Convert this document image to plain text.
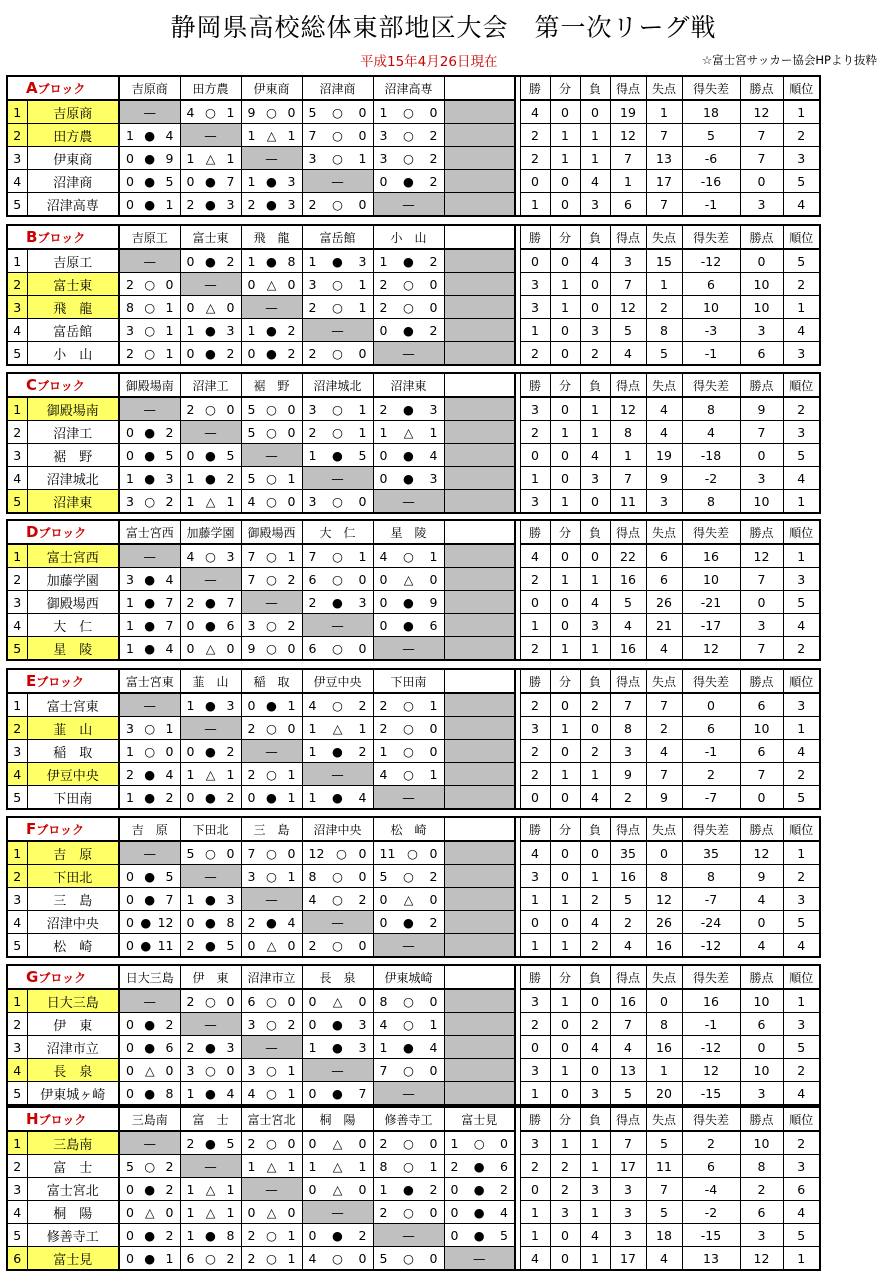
静岡県高校総体東部地区大会　第一次リーグ戦
平成15年4月26日現在	☆富士宮サッカー協会HPより抜粋
Aブロック		吉原商	田方農	伊東商	沼津商	沼津高専			勝	分	負	得点	失点	得失差	勝点	順位
1	吉原商	—	4 ○ 1	9 ○ 0	5 ○ 0	1 ○ 0			4	0	0	19	1	18	12	1
2	田方農	1 ● 4	—	1 △ 1	7 ○ 0	3 ○ 2			2	1	1	12	7	5	7	2
3	伊東商	0 ● 9	1 △ 1	—	3 ○ 1	3 ○ 2			2	1	1	7	13	-6	7	3
4	沼津商	0 ● 5	0 ● 7	1 ● 3	—	0 ● 2			0	0	4	1	17	-16	0	5
5	沼津高専	0 ● 1	2 ● 3	2 ● 3	2 ○ 0	—			1	0	3	6	7	-1	3	4
Bブロック		吉原工	富士東	飛　龍	富岳館	小　山			勝	分	負	得点	失点	得失差	勝点	順位
1	吉原工	—	0 ● 2	1 ● 8	1 ● 3	1 ● 2			0	0	4	3	15	-12	0	5
2	富士東	2 ○ 0	—	0 △ 0	3 ○ 1	2 ○ 0			3	1	0	7	1	6	10	2
3	飛　龍	8 ○ 1	0 △ 0	—	2 ○ 1	2 ○ 0			3	1	0	12	2	10	10	1
4	富岳館	3 ○ 1	1 ● 3	1 ● 2	—	0 ● 2			1	0	3	5	8	-3	3	4
5	小　山	2 ○ 1	0 ● 2	0 ● 2	2 ○ 0	—			2	0	2	4	5	-1	6	3
Cブロック		御殿場南	沼津工	裾　野	沼津城北	沼津東			勝	分	負	得点	失点	得失差	勝点	順位
1	御殿場南	—	2 ○ 0	5 ○ 0	3 ○ 1	2 ● 3			3	0	1	12	4	8	9	2
2	沼津工	0 ● 2	—	5 ○ 0	2 ○ 1	1 △ 1			2	1	1	8	4	4	7	3
3	裾　野	0 ● 5	0 ● 5	—	1 ● 5	0 ● 4			0	0	4	1	19	-18	0	5
4	沼津城北	1 ● 3	1 ● 2	5 ○ 1	—	0 ● 3			1	0	3	7	9	-2	3	4
5	沼津東	3 ○ 2	1 △ 1	4 ○ 0	3 ○ 0	—			3	1	0	11	3	8	10	1
Dブロック		富士宮西	加藤学園	御殿場西	大　仁	星　陵			勝	分	負	得点	失点	得失差	勝点	順位
1	富士宮西	—	4 ○ 3	7 ○ 1	7 ○ 1	4 ○ 1			4	0	0	22	6	16	12	1
2	加藤学園	3 ● 4	—	7 ○ 2	6 ○ 0	0 △ 0			2	1	1	16	6	10	7	3
3	御殿場西	1 ● 7	2 ● 7	—	2 ● 3	0 ● 9			0	0	4	5	26	-21	0	5
4	大　仁	1 ● 7	0 ● 6	3 ○ 2	—	0 ● 6			1	0	3	4	21	-17	3	4
5	星　陵	1 ● 4	0 △ 0	9 ○ 0	6 ○ 0	—			2	1	1	16	4	12	7	2
Eブロック		富士宮東	韮　山	稲　取	伊豆中央	下田南			勝	分	負	得点	失点	得失差	勝点	順位
1	富士宮東	—	1 ● 3	0 ● 1	4 ○ 2	2 ○ 1			2	0	2	7	7	0	6	3
2	韮　山	3 ○ 1	—	2 ○ 0	1 △ 1	2 ○ 0			3	1	0	8	2	6	10	1
3	稲　取	1 ○ 0	0 ● 2	—	1 ● 2	1 ○ 0			2	0	2	3	4	-1	6	4
4	伊豆中央	2 ● 4	1 △ 1	2 ○ 1	—	4 ○ 1			2	1	1	9	7	2	7	2
5	下田南	1 ● 2	0 ● 2	0 ● 1	1 ● 4	—			0	0	4	2	9	-7	0	5
Fブロック		吉　原	下田北	三　島	沼津中央	松　崎			勝	分	負	得点	失点	得失差	勝点	順位
1	吉　原	—	5 ○ 0	7 ○ 0	12 ○ 0	11 ○ 0			4	0	0	35	0	35	12	1
2	下田北	0 ● 5	—	3 ○ 1	8 ○ 0	5 ○ 2			3	0	1	16	8	8	9	2
3	三　島	0 ● 7	1 ● 3	—	4 ○ 2	0 △ 0			1	1	2	5	12	-7	4	3
4	沼津中央	0 ● 12	0 ● 8	2 ● 4	—	0 ● 2			0	0	4	2	26	-24	0	5
5	松　崎	0 ● 11	2 ● 5	0 △ 0	2 ○ 0	—			1	1	2	4	16	-12	4	4
Gブロック		日大三島	伊　東	沼津市立	長　泉	伊東城崎			勝	分	負	得点	失点	得失差	勝点	順位
1	日大三島	—	2 ○ 0	6 ○ 0	0 △ 0	8 ○ 0			3	1	0	16	0	16	10	1
2	伊　東	0 ● 2	—	3 ○ 2	0 ● 3	4 ○ 1			2	0	2	7	8	-1	6	3
3	沼津市立	0 ● 6	2 ● 3	—	1 ● 3	1 ● 4			0	0	4	4	16	-12	0	5
4	長　泉	0 △ 0	3 ○ 0	3 ○ 1	—	7 ○ 0			3	1	0	13	1	12	10	2
5	伊東城ヶ崎	0 ● 8	1 ● 4	4 ○ 1	0 ● 7	—			1	0	3	5	20	-15	3	4
Hブロック		三島南	富　士	富士宮北	桐　陽	修善寺工	富士見		勝	分	負	得点	失点	得失差	勝点	順位
1	三島南	—	2 ● 5	2 ○ 0	0 △ 0	2 ○ 0	1 ○ 0		3	1	1	7	5	2	10	2
2	富　士	5 ○ 2	—	1 △ 1	1 △ 1	8 ○ 1	2 ● 6		2	2	1	17	11	6	8	3
3	富士宮北	0 ● 2	1 △ 1	—	0 △ 0	1 ● 2	0 ● 2		0	2	3	3	7	-4	2	6
4	桐　陽	0 △ 0	1 △ 1	0 △ 0	—	2 ○ 0	0 ● 4		1	3	1	3	5	-2	6	4
5	修善寺工	0 ● 2	1 ● 8	2 ○ 1	0 ● 2	—	0 ● 5		1	0	4	3	18	-15	3	5
6	富士見	0 ● 1	6 ○ 2	2 ○ 1	4 ○ 0	5 ○ 0	—		4	0	1	17	4	13	12	1
